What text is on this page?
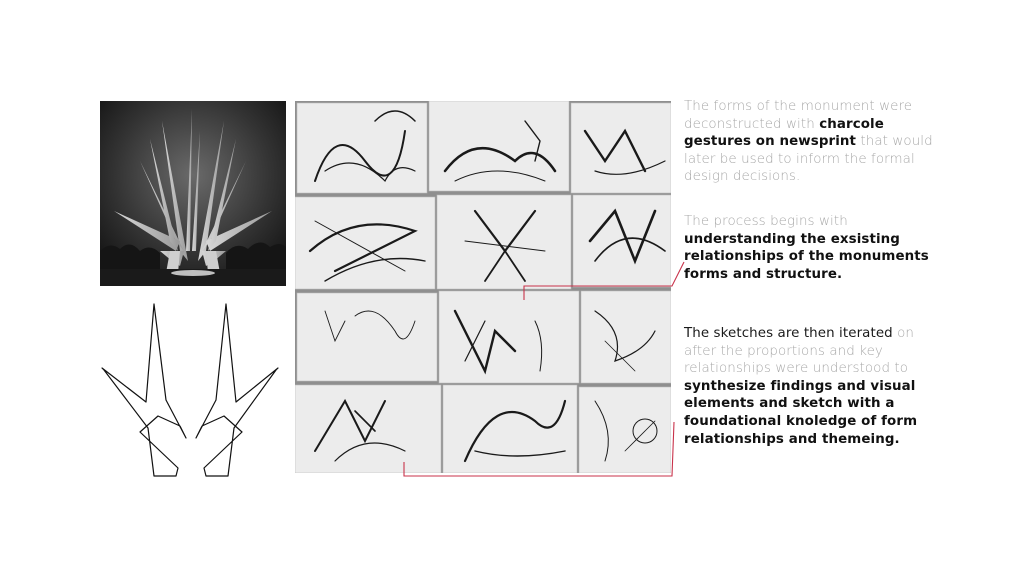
The forms of the monument were deconstructed with charcole gestures on newsprint that would later be used to inform the formal design decisions.

The process begins with understanding the exsisting relationships of the monuments forms and structure.

The sketches are then iterated on after the proportions and key relationships were understood to synthesize findings and visual elements and sketch with a foundational knoledge of form relationships and themeing.
